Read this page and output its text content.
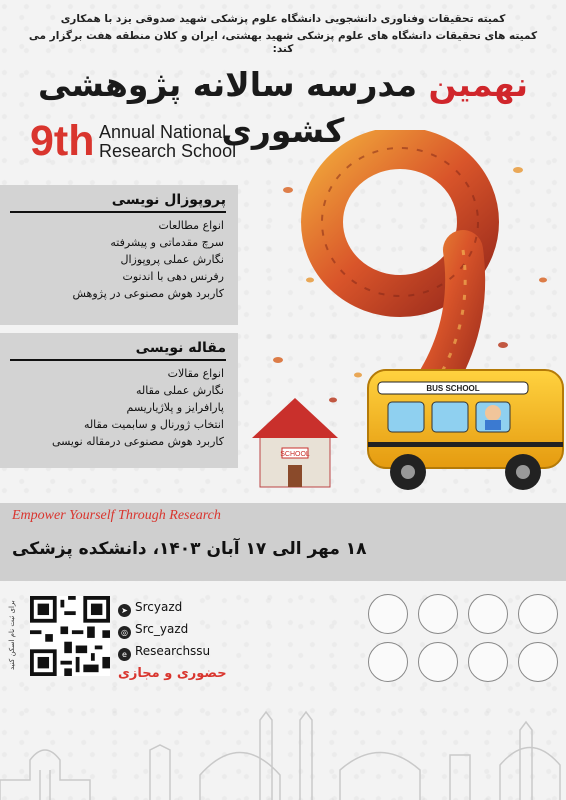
کمیته تحقیقات وفناوری دانشجویی دانشگاه علوم پزشکی شهید صدوقی یزد با همکاری
کمیته های تحقیقات دانشگاه های علوم پزشکی شهید بهشتی، ایران و کلان منطقه هفت برگزار می کند:
نهمین مدرسه سالانه پژوهشی کشوری
9th Annual National
Research School
SCHOOL
BUS SCHOOL
پروپوزال نویسی
انواع مطالعات
سرچ مقدماتی و پیشرفته
نگارش عملی پروپوزال
رفرنس دهی با اندنوت
کاربرد هوش مصنوعی در پژوهش
مقاله نویسی
انواع مقالات
نگارش عملی مقاله
پارافرایز و پلاژیاریسم
انتخاب ژورنال و سابمیت مقاله
کاربرد هوش مصنوعی درمقاله نویسی
Empower Yourself Through Research
۱۸ مهر الی ۱۷ آبان ۱۴۰۳، دانشکده پزشکی
برای ثبت نام اسکن کنید	➤ Srcyazd
◎ Src_yazd
e Researchssu
حضوری و مجازی
